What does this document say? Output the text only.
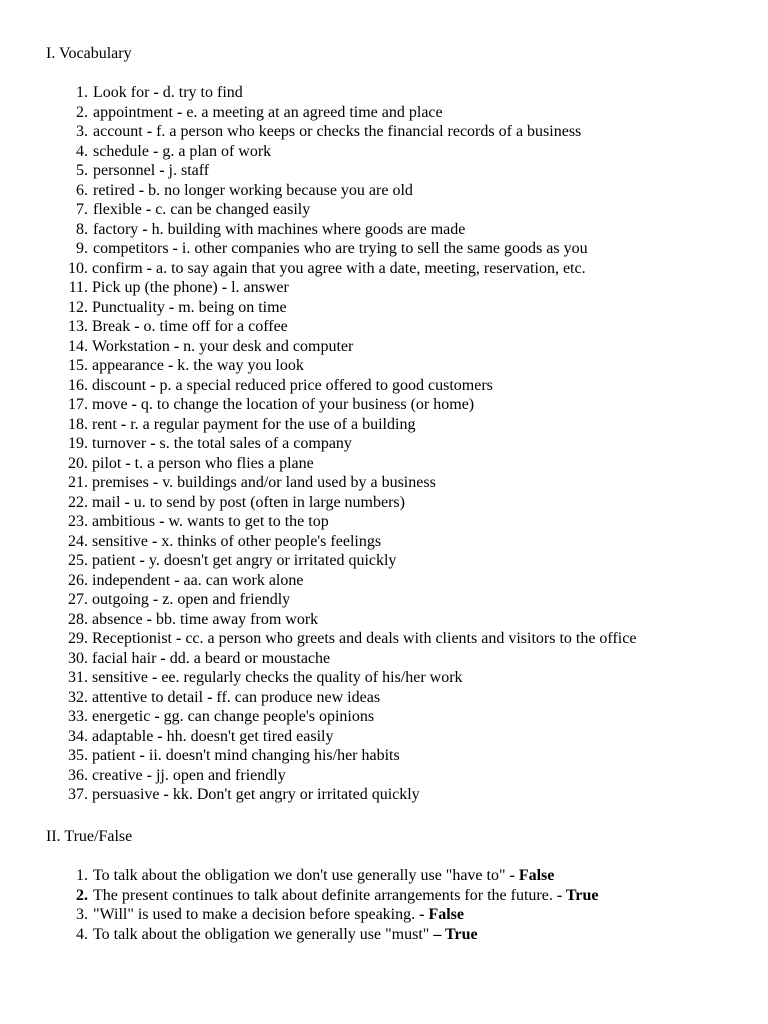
I. Vocabulary
1. Look for - d. try to find
2. appointment - e. a meeting at an agreed time and place
3. account - f. a person who keeps or checks the financial records of a business
4. schedule - g. a plan of work
5. personnel - j. staff
6. retired - b. no longer working because you are old
7. flexible - c. can be changed easily
8. factory - h. building with machines where goods are made
9. competitors - i. other companies who are trying to sell the same goods as you
10. confirm - a. to say again that you agree with a date, meeting, reservation, etc.
11. Pick up (the phone) - l. answer
12. Punctuality - m. being on time
13. Break - o. time off for a coffee
14. Workstation - n. your desk and computer
15. appearance - k. the way you look
16. discount - p. a special reduced price offered to good customers
17. move - q. to change the location of your business (or home)
18. rent - r. a regular payment for the use of a building
19. turnover - s. the total sales of a company
20. pilot - t. a person who flies a plane
21. premises - v. buildings and/or land used by a business
22. mail - u. to send by post (often in large numbers)
23. ambitious - w. wants to get to the top
24. sensitive - x. thinks of other people's feelings
25. patient - y. doesn't get angry or irritated quickly
26. independent - aa. can work alone
27. outgoing - z. open and friendly
28. absence - bb. time away from work
29. Receptionist - cc. a person who greets and deals with clients and visitors to the office
30. facial hair - dd. a beard or moustache
31. sensitive - ee. regularly checks the quality of his/her work
32. attentive to detail - ff. can produce new ideas
33. energetic - gg. can change people's opinions
34. adaptable - hh. doesn't get tired easily
35. patient - ii. doesn't mind changing his/her habits
36. creative - jj. open and friendly
37. persuasive - kk. Don't get angry or irritated quickly
II. True/False
1. To talk about the obligation we don't use generally use "have to" - False
2. The present continues to talk about definite arrangements for the future. - True
3. "Will" is used to make a decision before speaking. - False
4. To talk about the obligation we generally use "must" – True
